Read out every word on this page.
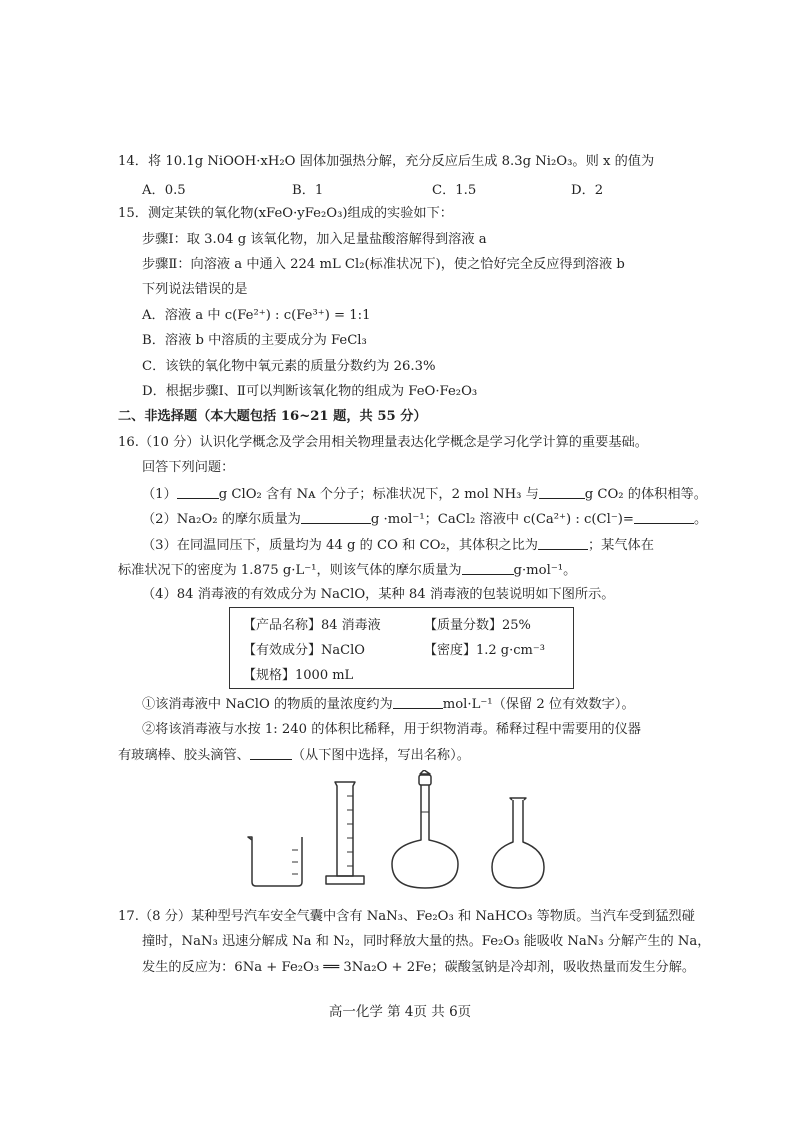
14．将 10.1g NiOOH·xH₂O 固体加强热分解，充分反应后生成 8.3g Ni₂O₃。则 x 的值为
A．0.5	B．1	C．1.5	D．2
15．测定某铁的氧化物(xFeO·yFe₂O₃)组成的实验如下：
步骤Ⅰ：取 3.04 g 该氧化物，加入足量盐酸溶解得到溶液 a
步骤Ⅱ：向溶液 a 中通入 224 mL Cl₂(标准状况下)，使之恰好完全反应得到溶液 b
下列说法错误的是
A．溶液 a 中 c(Fe²⁺) : c(Fe³⁺) = 1:1
B．溶液 b 中溶质的主要成分为 FeCl₃
C．该铁的氧化物中氧元素的质量分数约为 26.3%
D．根据步骤Ⅰ、Ⅱ可以判断该氧化物的组成为 FeO·Fe₂O₃
二、非选择题（本大题包括 16~21 题，共 55 分）
16.（10 分）认识化学概念及学会用相关物理量表达化学概念是学习化学计算的重要基础。
回答下列问题：
（1）	g ClO₂ 含有 Nᴀ 个分子；标准状况下，2 mol NH₃ 与	g CO₂ 的体积相等。
（2）Na₂O₂ 的摩尔质量为	g ·mol⁻¹；CaCl₂ 溶液中 c(Ca²⁺) : c(Cl⁻)=	。
（3）在同温同压下，质量均为 44 g 的 CO 和 CO₂，其体积之比为	；某气体在
标准状况下的密度为 1.875 g·L⁻¹，则该气体的摩尔质量为	g·mol⁻¹。
（4）84 消毒液的有效成分为 NaClO，某种 84 消毒液的包装说明如下图所示。
【产品名称】84 消毒液	【质量分数】25%
【有效成分】NaClO	【密度】1.2 g·cm⁻³
【规格】1000 mL
①该消毒液中 NaClO 的物质的量浓度约为	mol·L⁻¹（保留 2 位有效数字）。
②将该消毒液与水按 1: 240 的体积比稀释，用于织物消毒。稀释过程中需要用的仪器
有玻璃棒、胶头滴管、	（从下图中选择，写出名称）。
17.（8 分）某种型号汽车安全气囊中含有 NaN₃、Fe₂O₃ 和 NaHCO₃ 等物质。当汽车受到猛烈碰
撞时，NaN₃ 迅速分解成 Na 和 N₂，同时释放大量的热。Fe₂O₃ 能吸收 NaN₃ 分解产生的 Na，
发生的反应为：6Na + Fe₂O₃ ══ 3Na₂O + 2Fe；碳酸氢钠是冷却剂，吸收热量而发生分解。
高一化学 第 4页 共 6页
